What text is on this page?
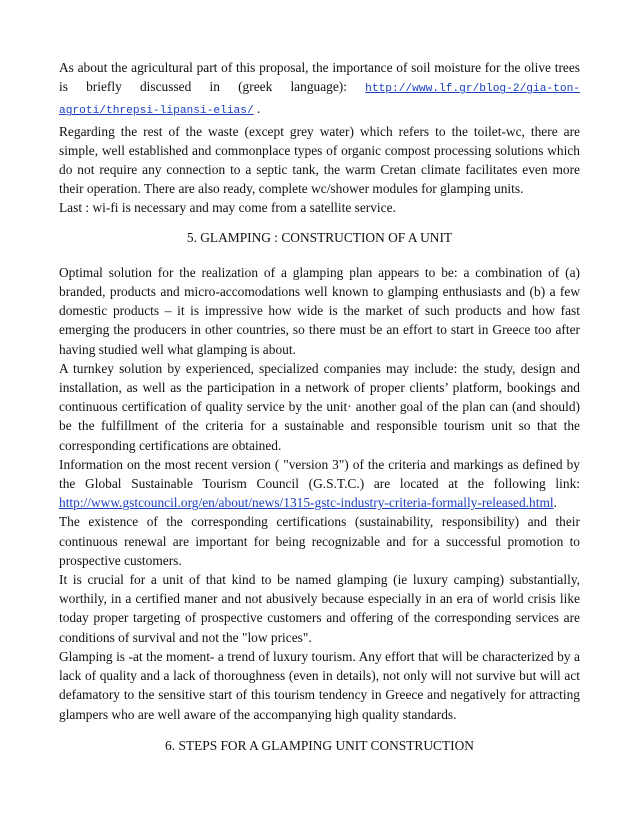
As about the agricultural part of this proposal, the importance of soil moisture for the olive trees is briefly discussed in (greek language): http://www.lf.gr/blog-2/gia-ton-agroti/threpsi-lipansi-elias/ .

Regarding the rest of the waste (except grey water) which refers to the toilet-wc, there are simple, well established and commonplace types of organic compost processing solutions which do not require any connection to a septic tank, the warm Cretan climate facilitates even more their operation. There are also ready, complete wc/shower modules for glamping units.

Last : wi-fi is necessary and may come from a satellite service.

5. GLAMPING : CONSTRUCTION OF A UNIT

Optimal solution for the realization of a glamping plan appears to be: a combination of (a) branded, products and micro-accomodations well known to glamping enthusiasts and (b) a few domestic products – it is impressive how wide is the market of such products and how fast emerging the producers in other countries, so there must be an effort to start in Greece too after having studied well what glamping is about.

A turnkey solution by experienced, specialized companies may include: the study, design and installation, as well as the participation in a network of proper clients’ platform, bookings and continuous certification of quality service by the unit· another goal of the plan can (and should) be the fulfillment of the criteria for a sustainable and responsible tourism unit so that the corresponding certifications are obtained.

Information on the most recent version ( "version 3") of the criteria and markings as defined by the Global Sustainable Tourism Council (G.S.T.C.) are located at the following link: http://www.gstcouncil.org/en/about/news/1315-gstc-industry-criteria-formally-released.html.

The existence of the corresponding certifications (sustainability, responsibility) and their continuous renewal are important for being recognizable and for a successful promotion to prospective customers.

It is crucial for a unit of that kind to be named glamping (ie luxury camping) substantially, worthily, in a certified maner and not abusively because especially in an era of world crisis like today proper targeting of prospective customers and offering of the corresponding services are conditions of survival and not the "low prices".

Glamping is -at the moment- a trend of luxury tourism. Any effort that will be characterized by a lack of quality and a lack of thoroughness (even in details), not only will not survive but will act defamatory to the sensitive start of this tourism tendency in Greece and negatively for attracting glampers who are well aware of the accompanying high quality standards.

6. STEPS FOR A GLAMPING UNIT CONSTRUCTION
